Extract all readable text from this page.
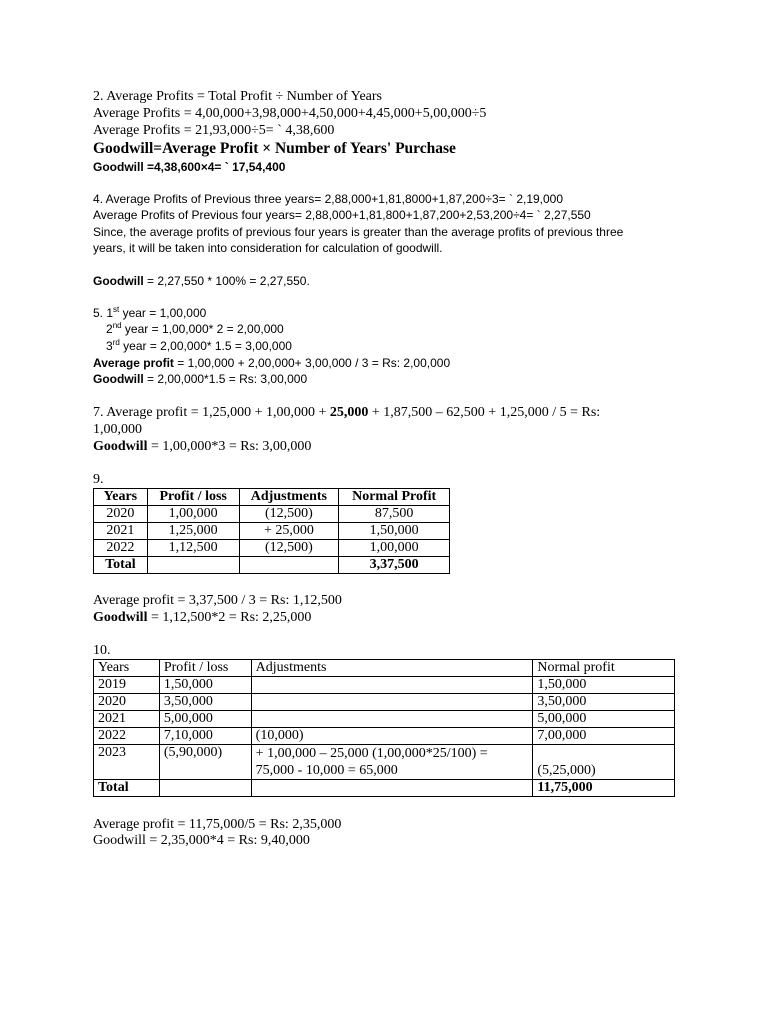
2. Average Profits = Total Profit ÷ Number of Years
Average Profits = 4,00,000+3,98,000+4,50,000+4,45,000+5,00,000÷5
Average Profits = 21,93,000÷5= ` 4,38,600
Goodwill=Average Profit × Number of Years' Purchase
Goodwill =4,38,600×4= ` 17,54,400
4. Average Profits of Previous three years= 2,88,000+1,81,8000+1,87,200÷3= ` 2,19,000
Average Profits of Previous four years= 2,88,000+1,81,800+1,87,200+2,53,200÷4= ` 2,27,550
Since, the average profits of previous four years is greater than the average profits of previous three
years, it will be taken into consideration for calculation of goodwill.
Goodwill = 2,27,550 * 100% = 2,27,550.
5. 1st year = 1,00,000
2nd year = 1,00,000* 2 = 2,00,000
3rd year = 2,00,000* 1.5 = 3,00,000
Average profit = 1,00,000 + 2,00,000+ 3,00,000 / 3 = Rs: 2,00,000
Goodwill = 2,00,000*1.5 = Rs: 3,00,000
7. Average profit = 1,25,000 + 1,00,000 + 25,000 + 1,87,500 – 62,500 + 1,25,000 / 5 = Rs:
1,00,000
Goodwill = 1,00,000*3 = Rs: 3,00,000
9.
Years	Profit / loss	Adjustments	Normal Profit
2020	1,00,000	(12,500)	87,500
2021	1,25,000	+ 25,000	1,50,000
2022	1,12,500	(12,500)	1,00,000
Total			3,37,500
Average profit = 3,37,500 / 3 = Rs: 1,12,500
Goodwill = 1,12,500*2 = Rs: 2,25,000
10.
Years	Profit / loss	Adjustments	Normal profit
2019	1,50,000		1,50,000
2020	3,50,000		3,50,000
2021	5,00,000		5,00,000
2022	7,10,000	(10,000)	7,00,000
2023	(5,90,000)	+ 1,00,000 – 25,000 (1,00,000*25/100) =
75,000 - 10,000 = 65,000	(5,25,000)
Total			11,75,000
Average profit = 11,75,000/5 = Rs: 2,35,000
Goodwill = 2,35,000*4 = Rs: 9,40,000
